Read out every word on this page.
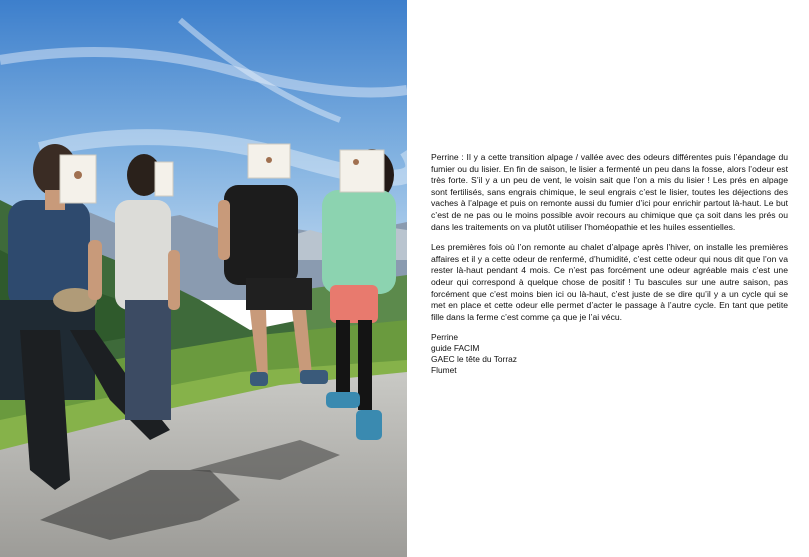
Perrine : Il y a cette transition alpage / vallée avec des odeurs différentes puis l’épandage du fumier ou du lisier. En fin de saison, le lisier a fermenté un peu dans la fosse, alors l’odeur est très forte. S’il y a un peu de vent, le voisin sait que l’on a mis du lisier ! Les prés en alpage sont fertilisés, sans engrais chimique, le seul engrais c’est le lisier, toutes les déjections des vaches à l’alpage et puis on remonte aussi du fumier d’ici pour enrichir partout là-haut. Le but c’est de ne pas ou le moins possible avoir recours au chimique que ça soit dans les prés ou dans les traitements on va plutôt utiliser l’homéopathie et les huiles essentielles.

Les premières fois où l’on remonte au chalet d’alpage après l’hiver, on installe les premières affaires et il y a cette odeur de renfermé, d’humidité, c’est cette odeur qui nous dit que l’on va rester là-haut pendant 4 mois. Ce n’est pas forcément une odeur agréable mais c’est une odeur qui correspond à quelque chose de positif ! Tu bascules sur une autre saison, pas forcément que c’est moins bien ici ou là-haut, c’est juste de se dire qu’il y a un cycle qui se met en place et cette odeur elle permet d’acter le passage à l’autre cycle. En tant que petite fille dans la ferme c’est comme ça que je l’ai vécu.

Perrine
guide FACIM
GAEC le tête du Torraz
Flumet
